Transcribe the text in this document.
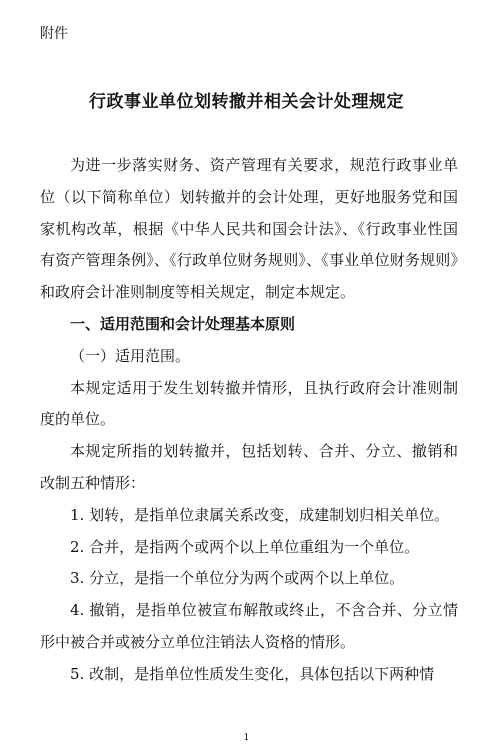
附件
行政事业单位划转撤并相关会计处理规定

为进一步落实财务、资产管理有关要求，规范行政事业单位（以下简称单位）划转撤并的会计处理，更好地服务党和国家机构改革，根据《中华人民共和国会计法》、《行政事业性国有资产管理条例》、《行政单位财务规则》、《事业单位财务规则》和政府会计准则制度等相关规定，制定本规定。

一、适用范围和会计处理基本原则

（一）适用范围。

本规定适用于发生划转撤并情形，且执行政府会计准则制度的单位。

本规定所指的划转撤并，包括划转、合并、分立、撤销和改制五种情形：

1. 划转，是指单位隶属关系改变，成建制划归相关单位。

2. 合并，是指两个或两个以上单位重组为一个单位。

3. 分立，是指一个单位分为两个或两个以上单位。

4. 撤销，是指单位被宣布解散或终止，不含合并、分立情形中被合并或被分立单位注销法人资格的情形。

5. 改制，是指单位性质发生变化，具体包括以下两种情

1
